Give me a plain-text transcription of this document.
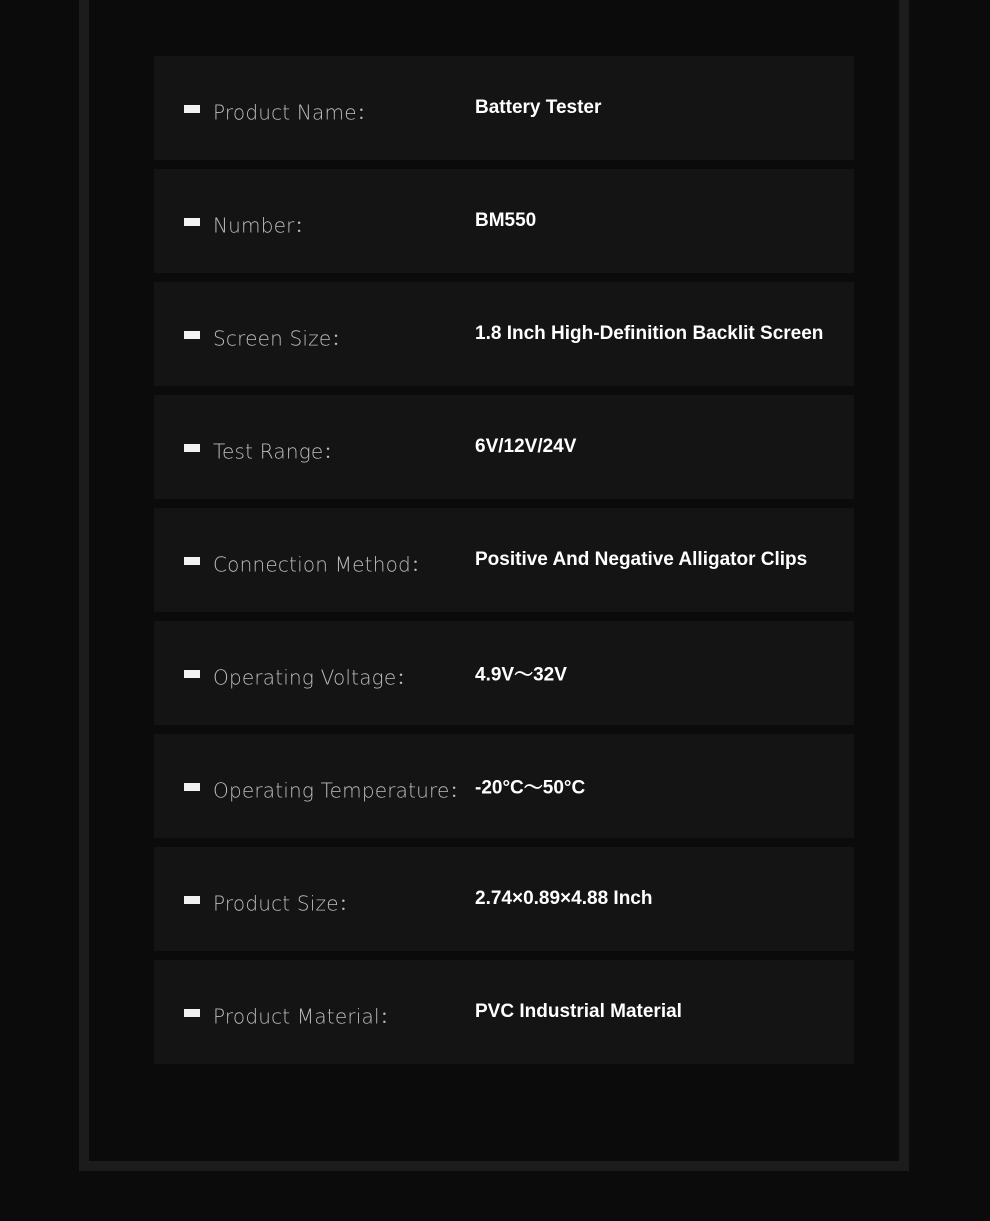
Product Name：	Battery Tester
Number：	BM550
Screen Size：	1.8 Inch High-Definition Backlit Screen
Test Range：	6V/12V/24V
Connection Method： Positive And Negative Alligator Clips
Operating Voltage：	4.9V～32V
Operating Temperature： -20°C～50°C
Product Size：	2.74×0.89×4.88 Inch
Product Material：	PVC Industrial Material
